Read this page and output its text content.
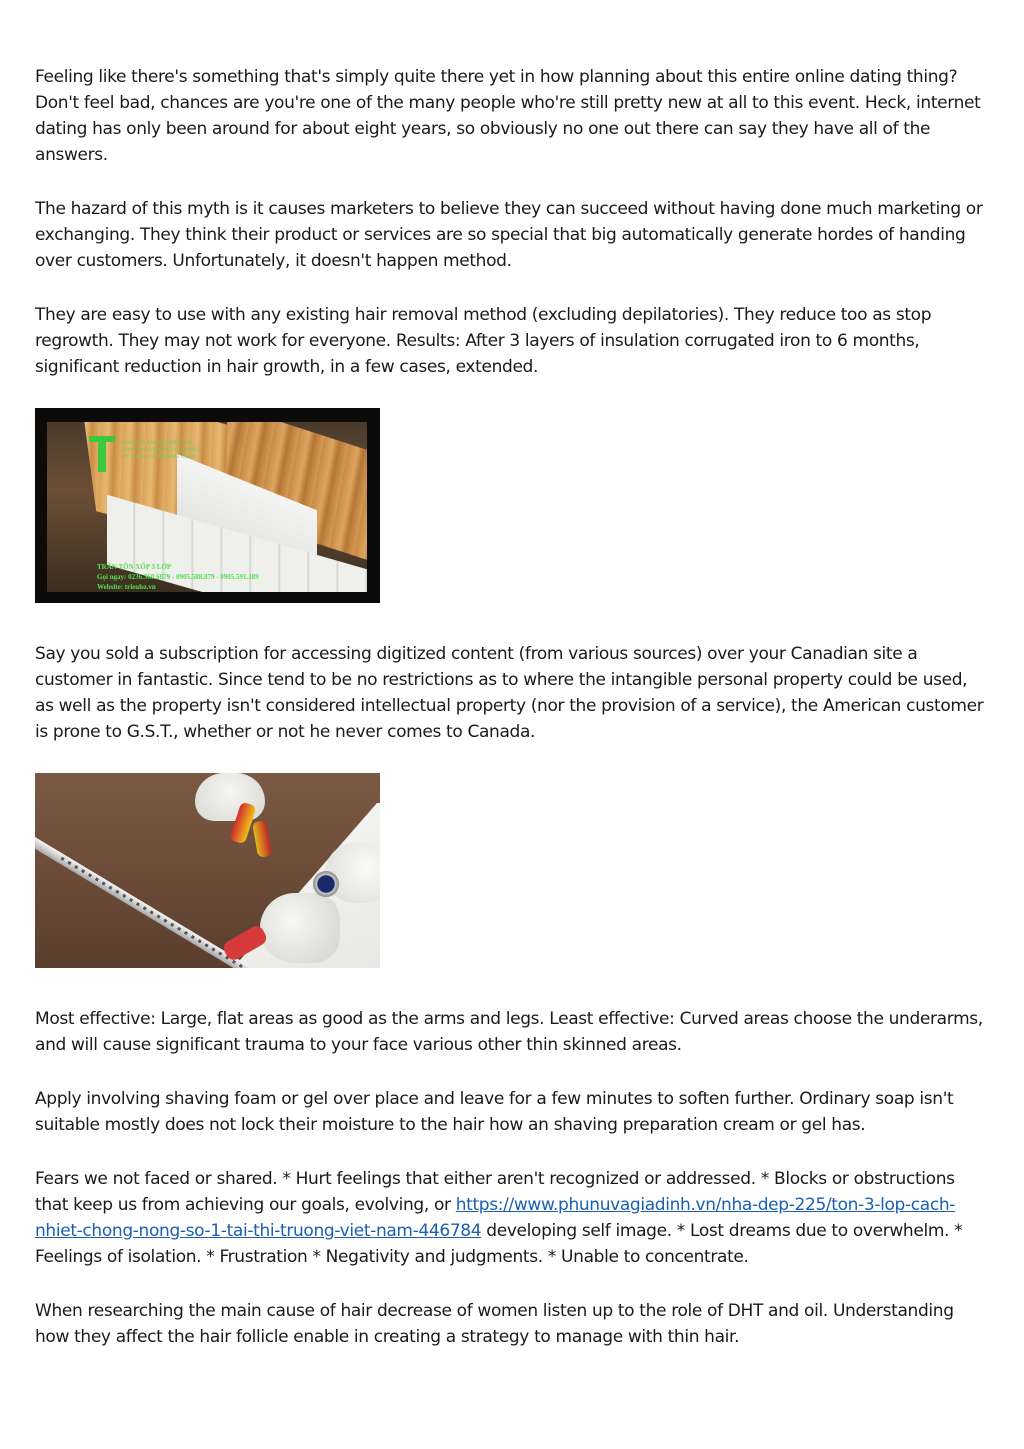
Feeling like there's something that's simply quite there yet in how planning about this entire online dating thing? Don't feel bad, chances are you're one of the many people who're still pretty new at all to this event. Heck, internet dating has only been around for about eight years, so obviously no one out there can say they have all of the answers.

The hazard of this myth is it causes marketers to believe they can succeed without having done much marketing or exchanging. They think their product or services are so special that big automatically generate hordes of handing over customers. Unfortunately, it doesn't happen method.

They are easy to use with any existing hair removal method (excluding depilatories). They reduce too as stop regrowth. They may not work for everyone. Results: After 3 layers of insulation corrugated iron to 6 months, significant reduction in hair growth, in a few cases, extended.

CÔNG TY TNHH TRIỀU HỒ
TRIEU HO LIMITED COMPANY
UY TÍN LÀ SỰ THÀNH CÔNG
TRẦN TÔN XỐP 3 LỚP
Gọi ngay: 0236.360.6879 - 0905.588.879 - 0905.591.189
Website: trieuho.vn

Say you sold a subscription for accessing digitized content (from various sources) over your Canadian site a customer in fantastic. Since tend to be no restrictions as to where the intangible personal property could be used, as well as the property isn't considered intellectual property (nor the provision of a service), the American customer is prone to G.S.T., whether or not he never comes to Canada.

Most effective: Large, flat areas as good as the arms and legs. Least effective: Curved areas choose the underarms, and will cause significant trauma to your face various other thin skinned areas.

Apply involving shaving foam or gel over place and leave for a few minutes to soften further. Ordinary soap isn't suitable mostly does not lock their moisture to the hair how an shaving preparation cream or gel has.

Fears we not faced or shared. * Hurt feelings that either aren't recognized or addressed. * Blocks or obstructions that keep us from achieving our goals, evolving, or https://www.phunuvagiadinh.vn/nha-dep-225/ton-3-lop-cach-nhiet-chong-nong-so-1-tai-thi-truong-viet-nam-446784 developing self image. * Lost dreams due to overwhelm. * Feelings of isolation. * Frustration * Negativity and judgments. * Unable to concentrate.

When researching the main cause of hair decrease of women listen up to the role of DHT and oil. Understanding how they affect the hair follicle enable in creating a strategy to manage with thin hair.
